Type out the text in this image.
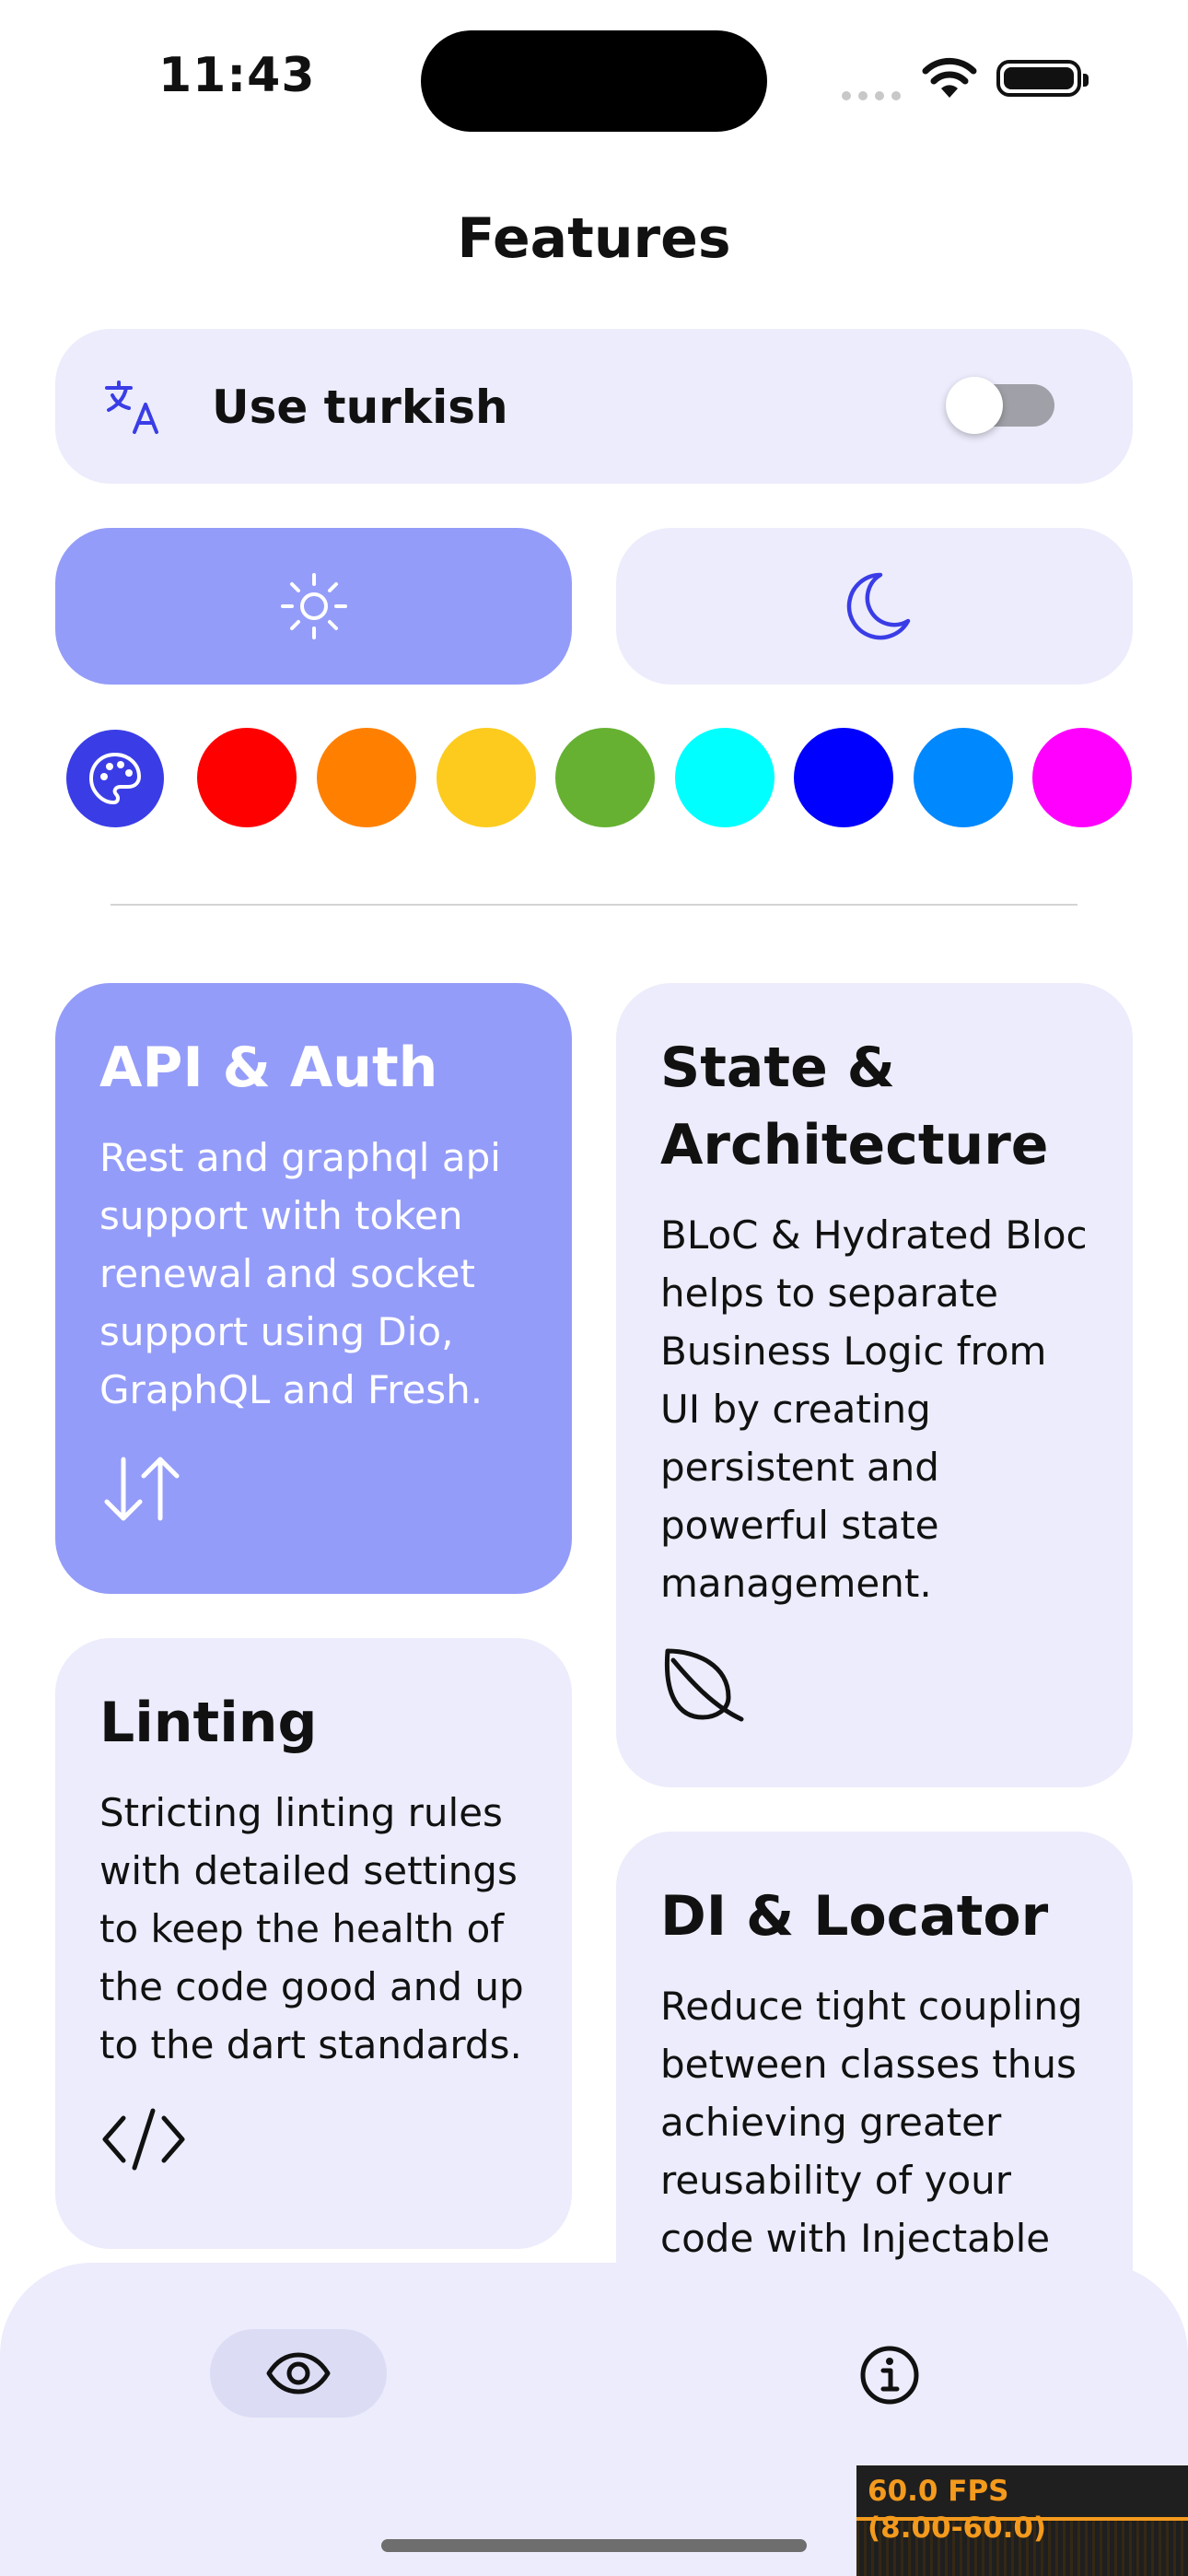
11:43
Features
Use turkish
API & Auth
Rest and graphql api support with token renewal and socket support using Dio, GraphQL and Fresh.
State & Architecture
BLoC & Hydrated Bloc helps to separate Business Logic from UI by creating persistent and powerful state management.
Linting
Stricting linting rules with detailed settings to keep the health of the code good and up to the dart standards.
DI & Locator
Reduce tight coupling between classes thus achieving greater reusability of your code with Injectable
60.0 FPS
(8.00-60.0)
